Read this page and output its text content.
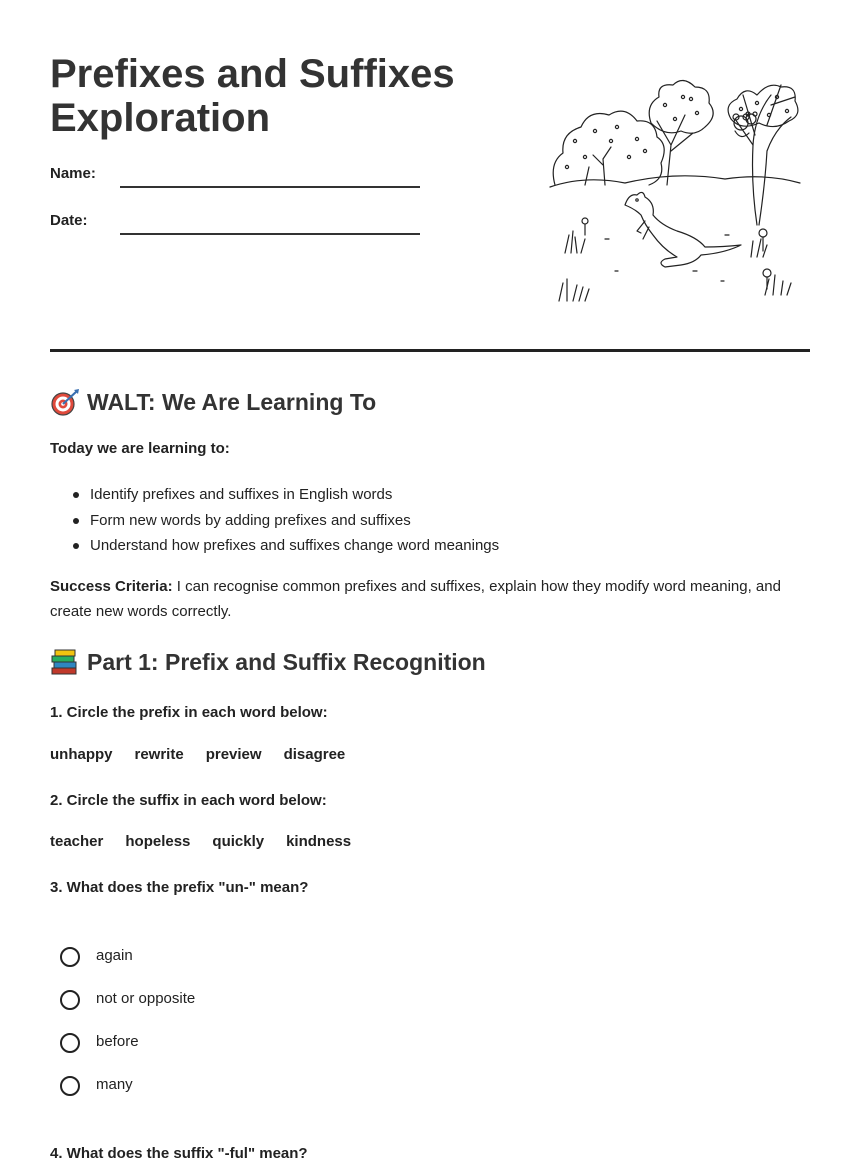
Prefixes and Suffixes Exploration
Name:
Date:
WALT: We Are Learning To
Today we are learning to:
Identify prefixes and suffixes in English words
Form new words by adding prefixes and suffixes
Understand how prefixes and suffixes change word meanings
Success Criteria: I can recognise common prefixes and suffixes, explain how they modify word meaning, and create new words correctly.
Part 1: Prefix and Suffix Recognition
1. Circle the prefix in each word below:
unhappy rewrite preview disagree
2. Circle the suffix in each word below:
teacher hopeless quickly kindness
3. What does the prefix "un-" mean?
again
not or opposite
before
many
4. What does the suffix "-ful" mean?
